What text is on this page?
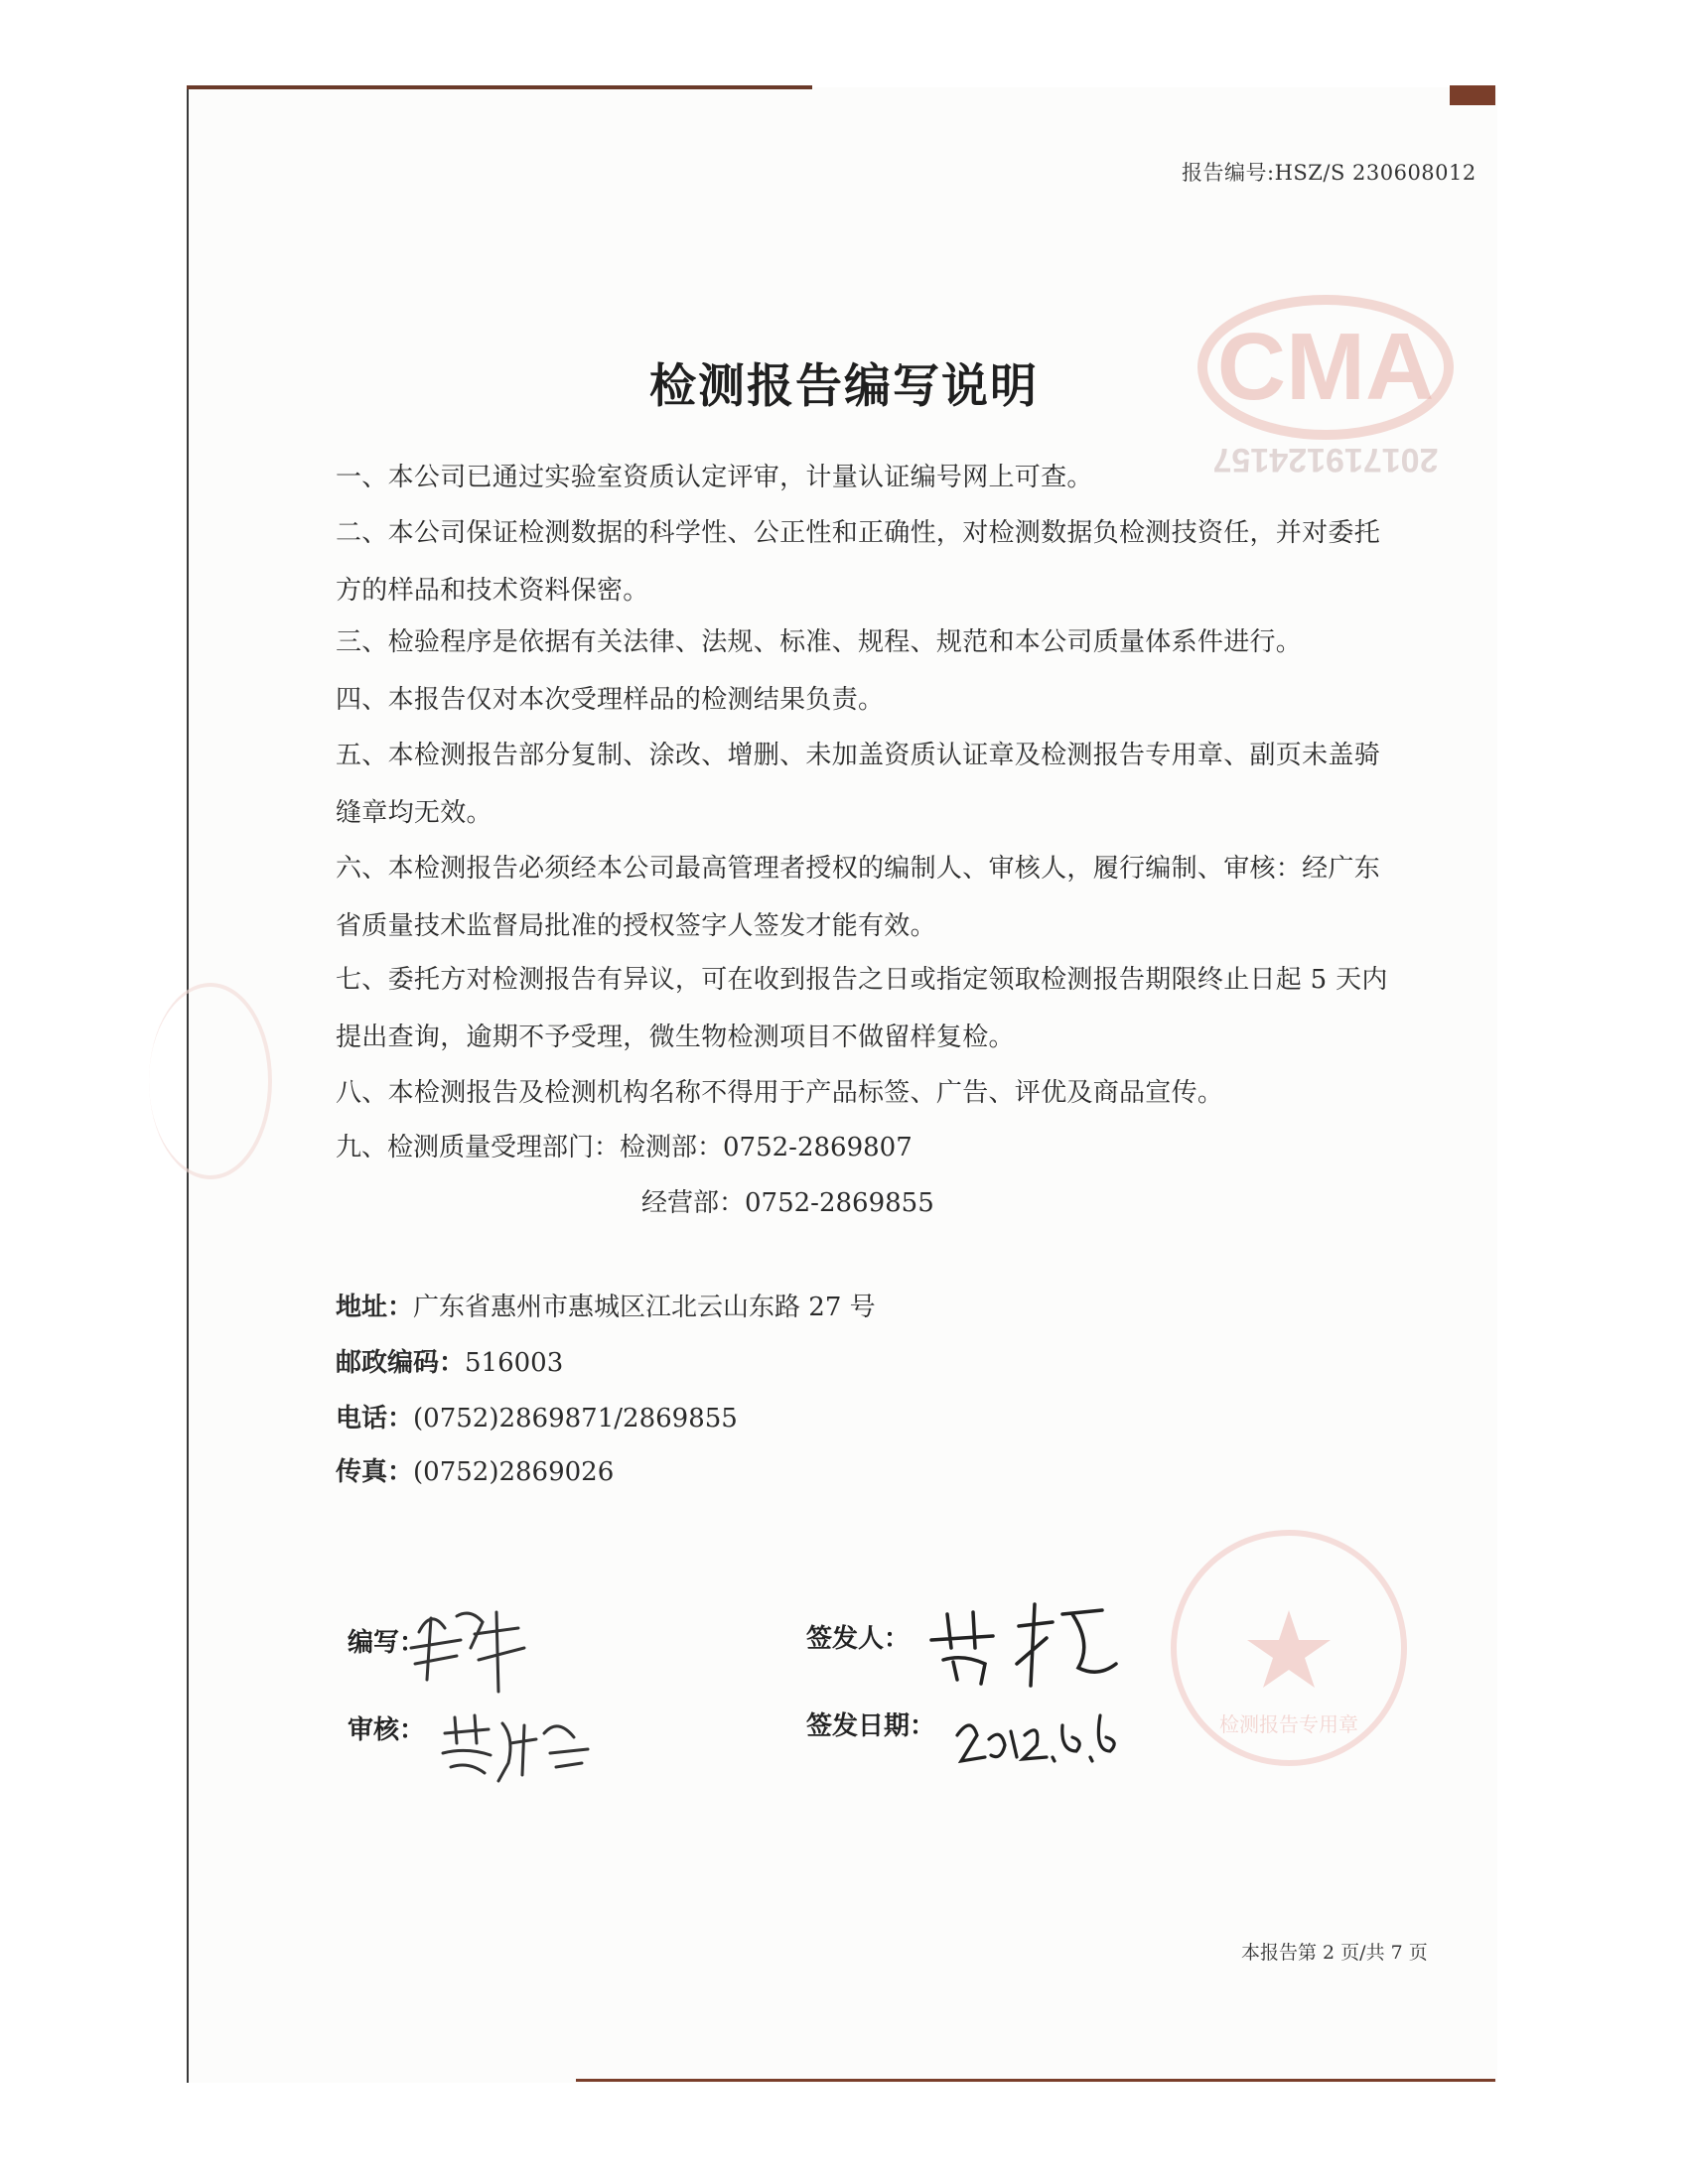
CMA
201719124157
检测报告专用章
报告编号:HSZ/S 230608012
检测报告编写说明
一、本公司已通过实验室资质认定评审，计量认证编号网上可查。
二、本公司保证检测数据的科学性、公正性和正确性，对检测数据负检测技资任，并对委托
方的样品和技术资料保密。
三、检验程序是依据有关法律、法规、标准、规程、规范和本公司质量体系件进行。
四、本报告仅对本次受理样品的检测结果负责。
五、本检测报告部分复制、涂改、增删、未加盖资质认证章及检测报告专用章、副页未盖骑
缝章均无效。
六、本检测报告必须经本公司最高管理者授权的编制人、审核人，履行编制、审核：经广东
省质量技术监督局批准的授权签字人签发才能有效。
七、委托方对检测报告有异议，可在收到报告之日或指定领取检测报告期限终止日起 5 天内
提出查询，逾期不予受理，微生物检测项目不做留样复检。
八、本检测报告及检测机构名称不得用于产品标签、广告、评优及商品宣传。
九、检测质量受理部门：检测部：0752-2869807
经营部：0752-2869855
地址：广东省惠州市惠城区江北云山东路 27 号
邮政编码：516003
电话：(0752)2869871/2869855
传真：(0752)2869026
编写：
审核：
签发人：
签发日期：
本报告第 2 页/共 7 页
